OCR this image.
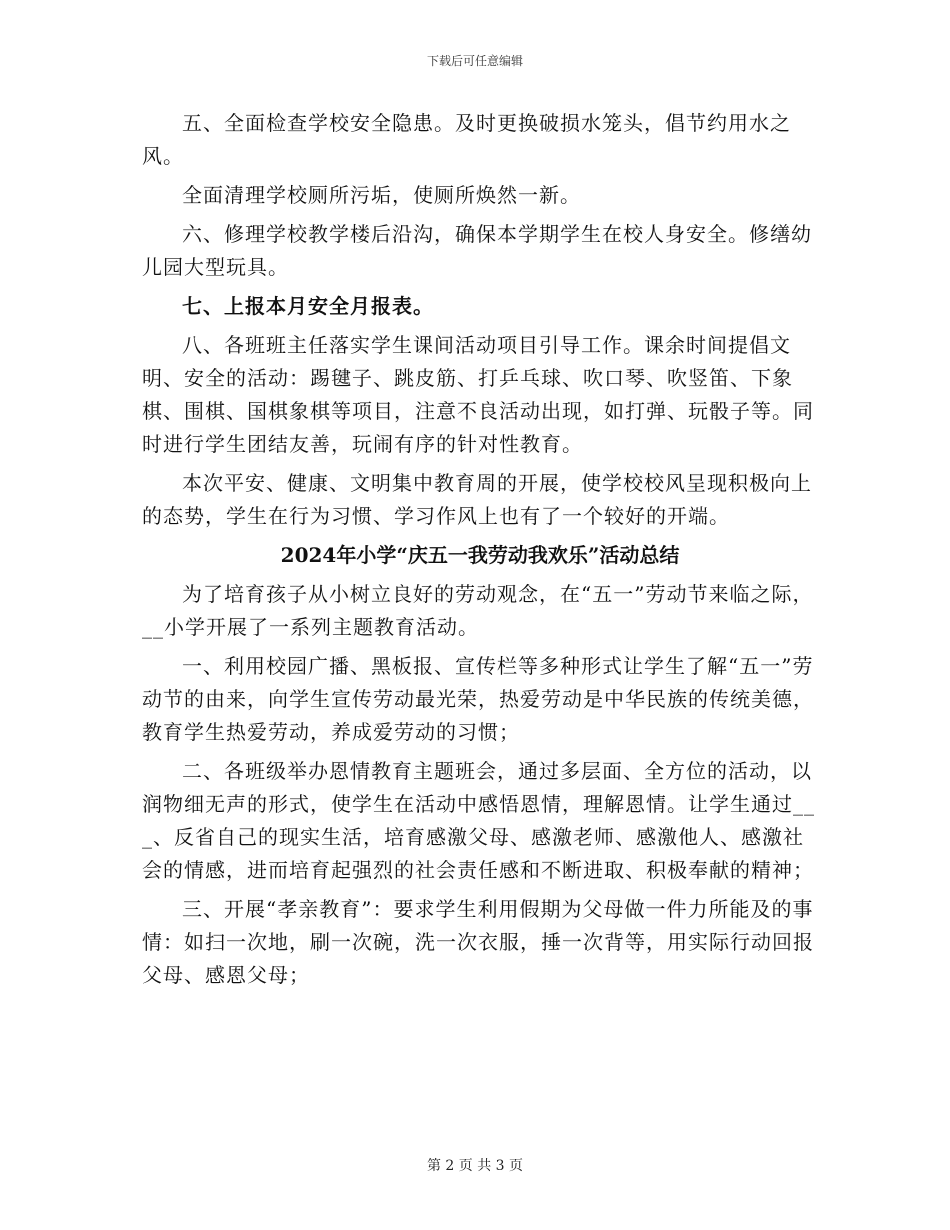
下载后可任意编辑

五、全面检查学校安全隐患。及时更换破损水笼头，倡节约用水之风。

全面清理学校厕所污垢，使厕所焕然一新。

六、修理学校教学楼后沿沟，确保本学期学生在校人身安全。修缮幼儿园大型玩具。

七、上报本月安全月报表。

八、各班班主任落实学生课间活动项目引导工作。课余时间提倡文明、安全的活动：踢毽子、跳皮筋、打乒乓球、吹口琴、吹竖笛、下象棋、围棋、国棋象棋等项目，注意不良活动出现，如打弹、玩骰子等。同时进行学生团结友善，玩闹有序的针对性教育。

本次平安、健康、文明集中教育周的开展，使学校校风呈现积极向上的态势，学生在行为习惯、学习作风上也有了一个较好的开端。

2024年小学“庆五一我劳动我欢乐”活动总结

为了培育孩子从小树立良好的劳动观念，在“五一”劳动节来临之际，__小学开展了一系列主题教育活动。

一、利用校园广播、黑板报、宣传栏等多种形式让学生了解“五一”劳动节的由来，向学生宣传劳动最光荣，热爱劳动是中华民族的传统美德，教育学生热爱劳动，养成爱劳动的习惯；

二、各班级举办恩情教育主题班会，通过多层面、全方位的活动，以润物细无声的形式，使学生在活动中感悟恩情，理解恩情。让学生通过___、反省自己的现实生活，培育感激父母、感激老师、感激他人、感激社会的情感，进而培育起强烈的社会责任感和不断进取、积极奉献的精神；

三、开展“孝亲教育”：要求学生利用假期为父母做一件力所能及的事情：如扫一次地，刷一次碗，洗一次衣服，捶一次背等，用实际行动回报父母、感恩父母；

第 2 页 共 3 页
